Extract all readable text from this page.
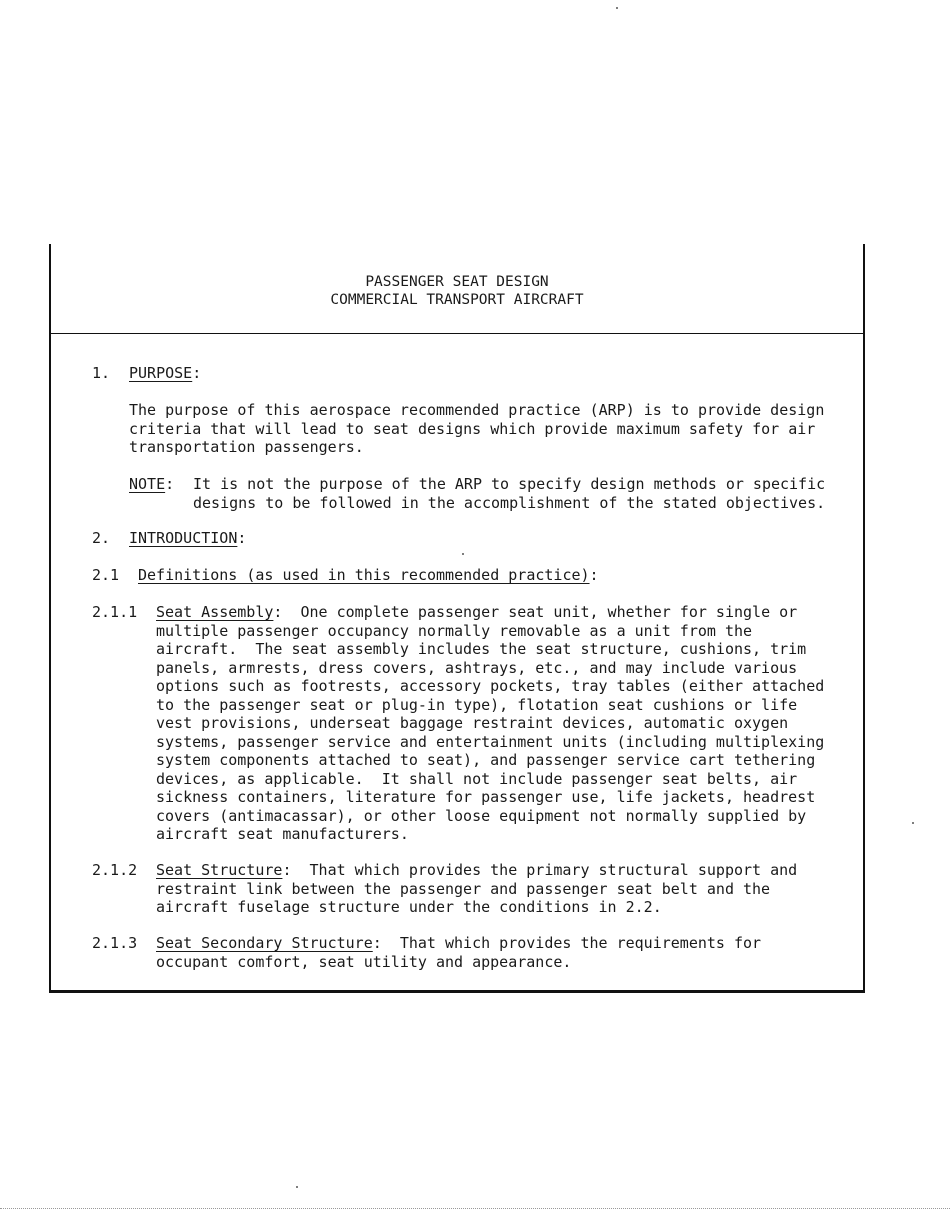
PASSENGER SEAT DESIGN
COMMERCIAL TRANSPORT AIRCRAFT
1. PURPOSE:
The purpose of this aerospace recommended practice (ARP) is to provide design
criteria that will lead to seat designs which provide maximum safety for air
transportation passengers.
NOTE: It is not the purpose of the ARP to specify design methods or specific
designs to be followed in the accomplishment of the stated objectives.
2. INTRODUCTION:
2.1 Definitions (as used in this recommended practice):
2.1.1 Seat Assembly:  One complete passenger seat unit, whether for single or
multiple passenger occupancy normally removable as a unit from the
aircraft.  The seat assembly includes the seat structure, cushions, trim
panels, armrests, dress covers, ashtrays, etc., and may include various
options such as footrests, accessory pockets, tray tables (either attached
to the passenger seat or plug-in type), flotation seat cushions or life
vest provisions, underseat baggage restraint devices, automatic oxygen
systems, passenger service and entertainment units (including multiplexing
system components attached to seat), and passenger service cart tethering
devices, as applicable.  It shall not include passenger seat belts, air
sickness containers, literature for passenger use, life jackets, headrest
covers (antimacassar), or other loose equipment not normally supplied by
aircraft seat manufacturers.
2.1.2 Seat Structure:  That which provides the primary structural support and
restraint link between the passenger and passenger seat belt and the
aircraft fuselage structure under the conditions in 2.2.
2.1.3 Seat Secondary Structure:  That which provides the requirements for
occupant comfort, seat utility and appearance.
